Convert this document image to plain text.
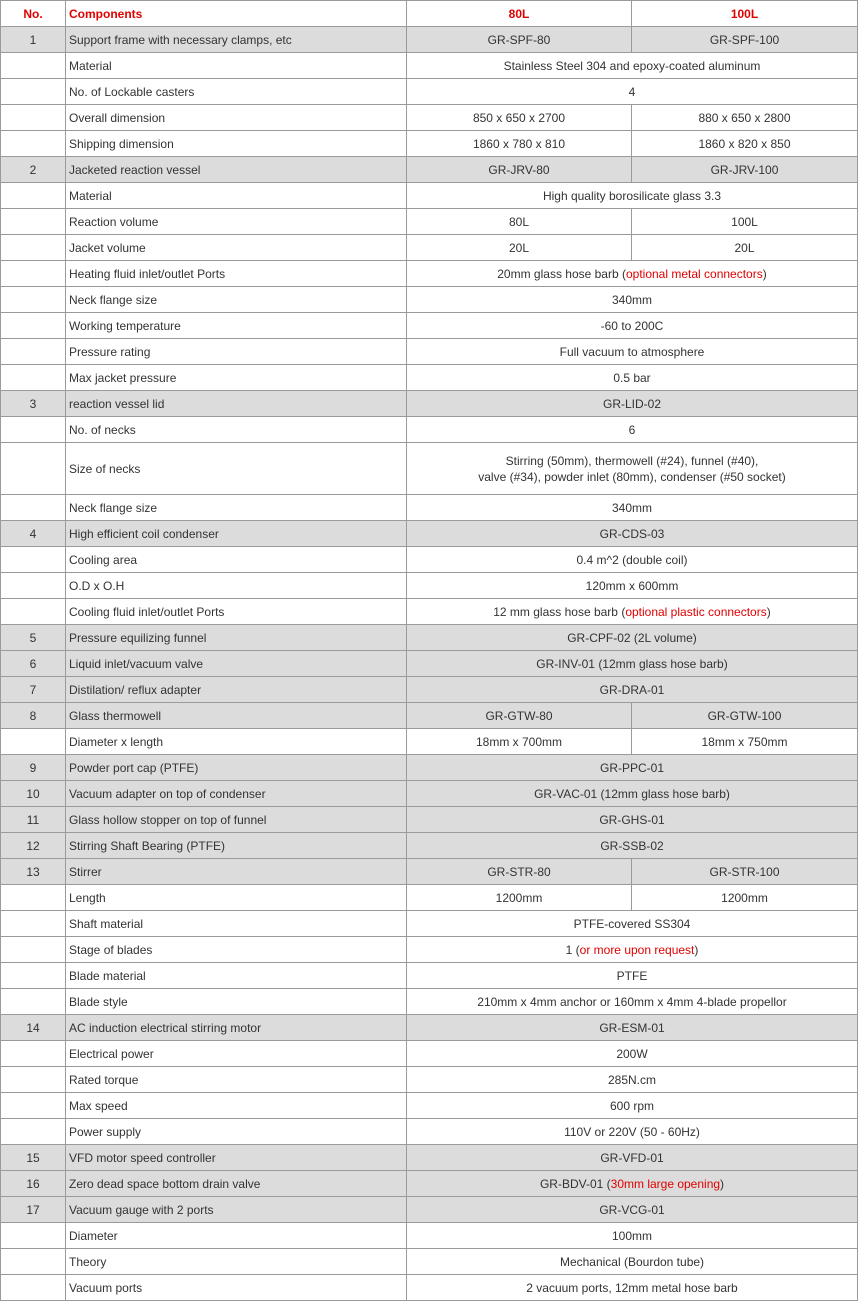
No.	Components	80L	100L
1	Support frame with necessary clamps, etc	GR-SPF-80	GR-SPF-100
	Material	Stainless Steel 304 and epoxy-coated aluminum	
	No. of Lockable casters	4	
	Overall dimension	850 x 650 x 2700	880 x 650 x 2800
	Shipping dimension	1860 x 780 x 810	1860 x 820 x 850
2	Jacketed reaction vessel	GR-JRV-80	GR-JRV-100
	Material	High quality borosilicate glass 3.3	
	Reaction volume	80L	100L
	Jacket volume	20L	20L
	Heating fluid inlet/outlet Ports	20mm glass hose barb (optional metal connectors)	
	Neck flange size	340mm	
	Working temperature	-60 to 200C	
	Pressure rating	Full vacuum to atmosphere	
	Max jacket pressure	0.5 bar	
3	reaction vessel lid	GR-LID-02	
	No. of necks	6	
	Size of necks	Stirring (50mm), thermowell (#24), funnel (#40),
valve (#34), powder inlet (80mm), condenser (#50 socket)	

	Neck flange size	340mm	
4	High efficient coil condenser	GR-CDS-03	
	Cooling area	0.4 m^2 (double coil)	
	O.D x O.H	120mm x 600mm	
	Cooling fluid inlet/outlet Ports	12 mm glass hose barb (optional plastic connectors)	
5	Pressure equilizing funnel	GR-CPF-02 (2L volume)	
6	Liquid inlet/vacuum valve	GR-INV-01 (12mm glass hose barb)	
7	Distilation/ reflux adapter	GR-DRA-01	
8	Glass thermowell	GR-GTW-80	GR-GTW-100
	Diameter x length	18mm x 700mm	18mm x 750mm
9	Powder port cap (PTFE)	GR-PPC-01	
10	Vacuum adapter on top of condenser	GR-VAC-01 (12mm glass hose barb)	
11	Glass hollow stopper on top of funnel	GR-GHS-01	
12	Stirring Shaft Bearing (PTFE)	GR-SSB-02	
13	Stirrer	GR-STR-80	GR-STR-100
	Length	1200mm	1200mm
	Shaft material	PTFE-covered SS304	
	Stage of blades	1 (or more upon request)	
	Blade material	PTFE	
	Blade style	210mm x 4mm anchor or 160mm x 4mm 4-blade propellor	
14	AC induction electrical stirring motor	GR-ESM-01	
	Electrical power	200W	
	Rated torque	285N.cm	
	Max speed	600 rpm	
	Power supply	110V or 220V (50 - 60Hz)	
15	VFD motor speed controller	GR-VFD-01	
16	Zero dead space bottom drain valve	GR-BDV-01 (30mm large opening)	
17	Vacuum gauge with 2 ports	GR-VCG-01	
	Diameter	100mm	
	Theory	Mechanical (Bourdon tube)	
	Vacuum ports	2 vacuum ports, 12mm metal hose barb	
